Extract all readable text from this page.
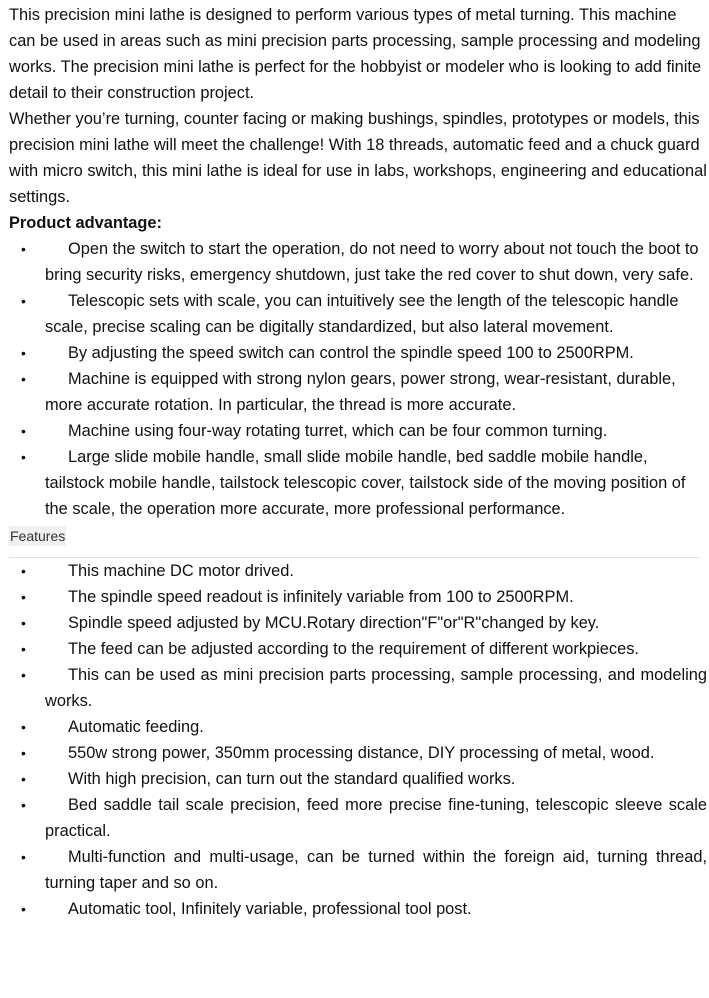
This precision mini lathe is designed to perform various types of metal turning. This machine can be used in areas such as mini precision parts processing, sample processing and modeling works. The precision mini lathe is perfect for the hobbyist or modeler who is looking to add finite detail to their construction project.

Whether you’re turning, counter facing or making bushings, spindles, prototypes or models, this precision mini lathe will meet the challenge! With 18 threads, automatic feed and a chuck guard with micro switch, this mini lathe is ideal for use in labs, workshops, engineering and educational settings.

Product advantage:
•	Open the switch to start the operation, do not need to worry about not touch the boot to bring security risks, emergency shutdown, just take the red cover to shut down, very safe.
•	Telescopic sets with scale, you can intuitively see the length of the telescopic handle scale, precise scaling can be digitally standardized, but also lateral movement.
•	By adjusting the speed switch can control the spindle speed 100 to 2500RPM.
•	Machine is equipped with strong nylon gears, power strong, wear-resistant, durable, more accurate rotation. In particular, the thread is more accurate.
•	Machine using four-way rotating turret, which can be four common turning.
•	Large slide mobile handle, small slide mobile handle, bed saddle mobile handle, tailstock mobile handle, tailstock telescopic cover, tailstock side of the moving position of the scale, the operation more accurate, more professional performance.
Features
•	This machine DC motor drived.
•	The spindle speed readout is infinitely variable from 100 to 2500RPM.
•	Spindle speed adjusted by MCU.Rotary direction"F"or"R"changed by key.
•	The feed can be adjusted according to the requirement of different workpieces.
•	This can be used as mini precision parts processing, sample processing, and modeling works.
•	Automatic feeding.
•	550w strong power, 350mm processing distance, DIY processing of metal, wood.
•	With high precision, can turn out the standard qualified works.
•	Bed saddle tail scale precision, feed more precise fine-tuning, telescopic sleeve scale practical.
•	Multi-function and multi-usage, can be turned within the foreign aid, turning thread, turning taper and so on.
•	Automatic tool, Infinitely variable, professional tool post.
